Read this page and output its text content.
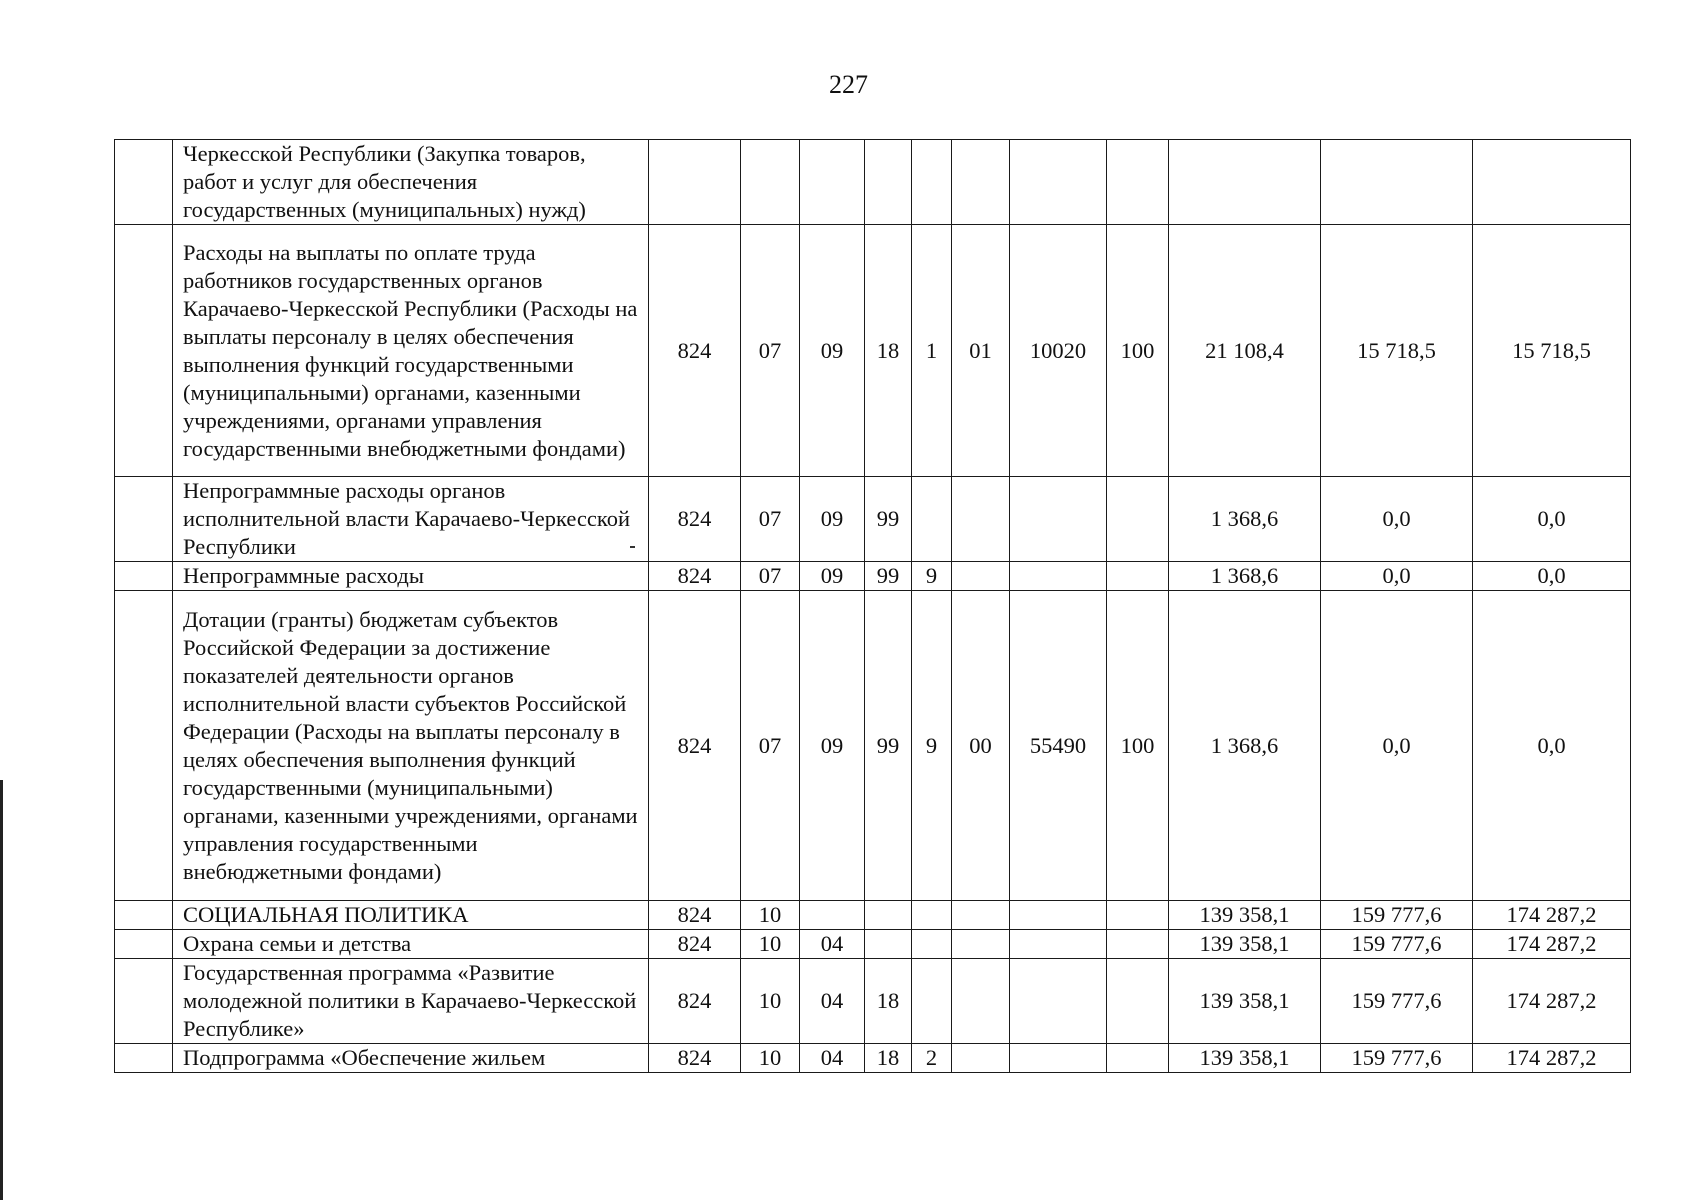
227
	Черкесской Республики (Закупка товаров, работ и услуг для обеспечения государственных (муниципальных) нужд)											
	Расходы на выплаты по оплате труда работников государственных органов Карачаево-Черкесской Республики (Расходы на выплаты персоналу в целях обеспечения выполнения функций государственными (муниципальными) органами, казенными учреждениями, органами управления государственными внебюджетными фондами)	824	07	09	18	1	01	10020	100	21 108,4	15 718,5	15 718,5
	Непрограммные расходы органов исполнительной власти Карачаево-Черкесской Республики	824	07	09	99					1 368,6	0,0	0,0
	Непрограммные расходы	824	07	09	99	9				1 368,6	0,0	0,0
	Дотации (гранты) бюджетам субъектов Российской Федерации за достижение показателей деятельности органов исполнительной власти субъектов Российской Федерации (Расходы на выплаты персоналу в целях обеспечения выполнения функций государственными (муниципальными) органами, казенными учреждениями, органами управления государственными внебюджетными фондами)	824	07	09	99	9	00	55490	100	1 368,6	0,0	0,0
	СОЦИАЛЬНАЯ ПОЛИТИКА	824	10							139 358,1	159 777,6	174 287,2
	Охрана семьи и детства	824	10	04						139 358,1	159 777,6	174 287,2
	Государственная программа «Развитие молодежной политики в Карачаево-Черкесской Республике»	824	10	04	18					139 358,1	159 777,6	174 287,2
	Подпрограмма «Обеспечение жильем	824	10	04	18	2				139 358,1	159 777,6	174 287,2
